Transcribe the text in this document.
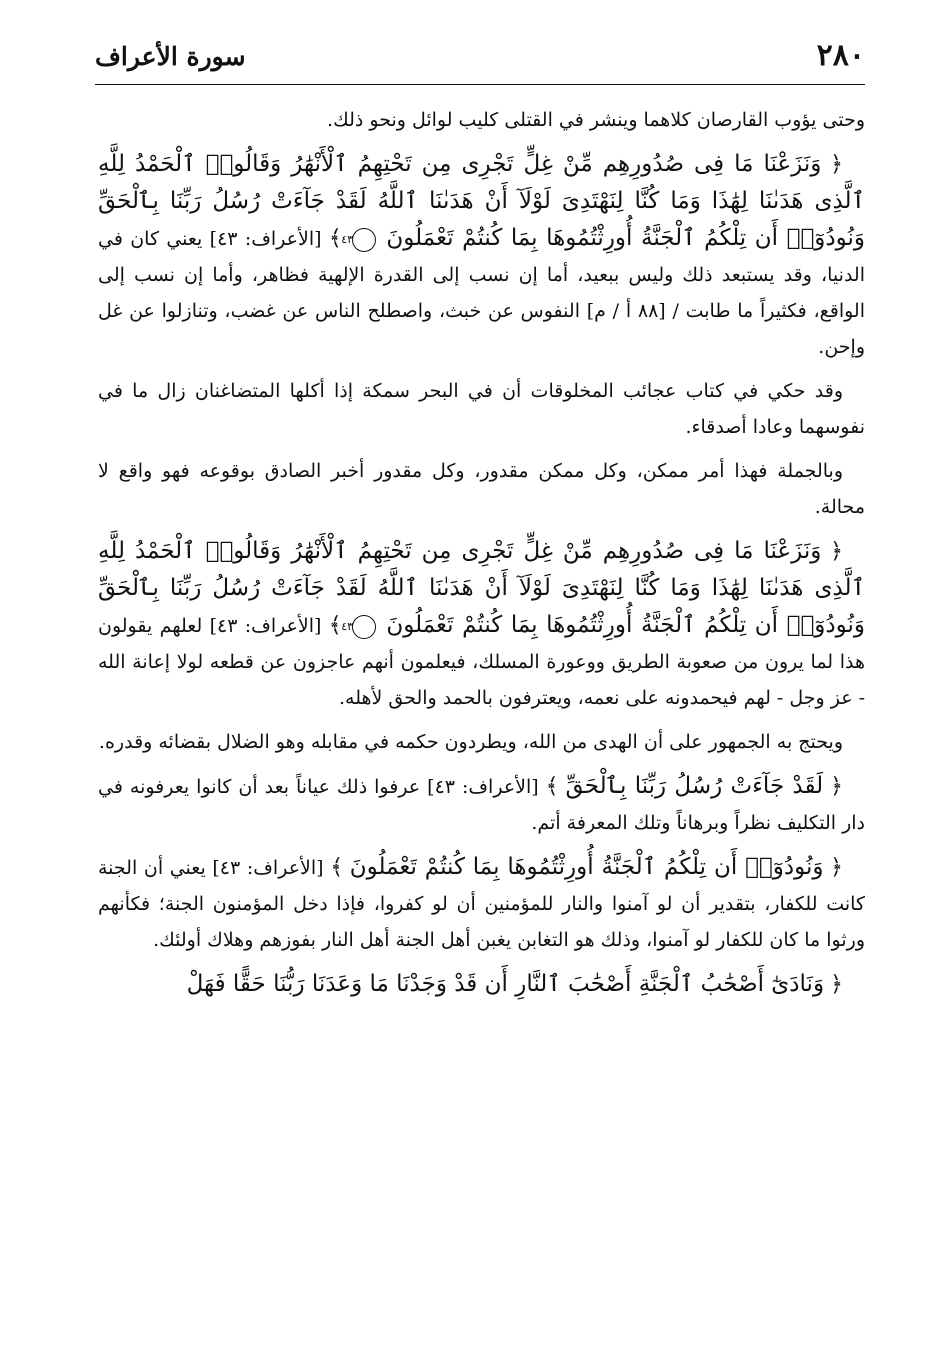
٢٨٠
سورة الأعراف

وحتى يؤوب القارصان كلاهما وينشر في القتلى كليب لوائل ونحو ذلك.

﴿ وَنَزَعْنَا مَا فِى صُدُورِهِم مِّنْ غِلٍّ تَجْرِى مِن تَحْتِهِمُ ٱلْأَنْهَٰرُ وَقَالُوا۟ ٱلْحَمْدُ لِلَّهِ ٱلَّذِى هَدَىٰنَا لِهَٰذَا وَمَا كُنَّا لِنَهْتَدِىَ لَوْلَآ أَنْ هَدَىٰنَا ٱللَّهُ لَقَدْ جَآءَتْ رُسُلُ رَبِّنَا بِٱلْحَقِّ وَنُودُوٓا۟ أَن تِلْكُمُ ٱلْجَنَّةُ أُورِثْتُمُوهَا بِمَا كُنتُمْ تَعْمَلُونَ ٤٣ ﴾ [الأعراف: ٤٣] يعني كان في الدنيا، وقد يستبعد ذلك وليس ببعيد، أما إن نسب إلى القدرة الإلهية فظاهر، وأما إن نسب إلى الواقع، فكثيراً ما طابت / [٨٨ أ / م] النفوس عن خبث، واصطلح الناس عن غضب، وتنازلوا عن غل وإحن.

وقد حكي في كتاب عجائب المخلوقات أن في البحر سمكة إذا أكلها المتضاغنان زال ما في نفوسهما وعادا أصدقاء.

وبالجملة فهذا أمر ممكن، وكل ممكن مقدور، وكل مقدور أخبر الصادق بوقوعه فهو واقع لا محالة.

﴿ وَنَزَعْنَا مَا فِى صُدُورِهِم مِّنْ غِلٍّ تَجْرِى مِن تَحْتِهِمُ ٱلْأَنْهَٰرُ وَقَالُوا۟ ٱلْحَمْدُ لِلَّهِ ٱلَّذِى هَدَىٰنَا لِهَٰذَا وَمَا كُنَّا لِنَهْتَدِىَ لَوْلَآ أَنْ هَدَىٰنَا ٱللَّهُ لَقَدْ جَآءَتْ رُسُلُ رَبِّنَا بِٱلْحَقِّ وَنُودُوٓا۟ أَن تِلْكُمُ ٱلْجَنَّةُ أُورِثْتُمُوهَا بِمَا كُنتُمْ تَعْمَلُونَ ٤٣ ﴾ [الأعراف: ٤٣] لعلهم يقولون هذا لما يرون من صعوبة الطريق ووعورة المسلك، فيعلمون أنهم عاجزون عن قطعه لولا إعانة الله - عز وجل - لهم فيحمدونه على نعمه، ويعترفون بالحمد والحق لأهله.

ويحتج به الجمهور على أن الهدى من الله، ويطردون حكمه في مقابله وهو الضلال بقضائه وقدره.

﴿ لَقَدْ جَآءَتْ رُسُلُ رَبِّنَا بِٱلْحَقِّ ﴾ [الأعراف: ٤٣] عرفوا ذلك عياناً بعد أن كانوا يعرفونه في دار التكليف نظراً وبرهاناً وتلك المعرفة أتم.

﴿ وَنُودُوٓا۟ أَن تِلْكُمُ ٱلْجَنَّةُ أُورِثْتُمُوهَا بِمَا كُنتُمْ تَعْمَلُونَ ﴾ [الأعراف: ٤٣] يعني أن الجنة كانت للكفار، بتقدير أن لو آمنوا والنار للمؤمنين أن لو كفروا، فإذا دخل المؤمنون الجنة؛ فكأنهم ورثوا ما كان للكفار لو آمنوا، وذلك هو التغابن يغبن أهل الجنة أهل النار بفوزهم وهلاك أولئك.

﴿ وَنَادَىٰٓ أَصْحَٰبُ ٱلْجَنَّةِ أَصْحَٰبَ ٱلنَّارِ أَن قَدْ وَجَدْنَا مَا وَعَدَنَا رَبُّنَا حَقًّا فَهَلْ
